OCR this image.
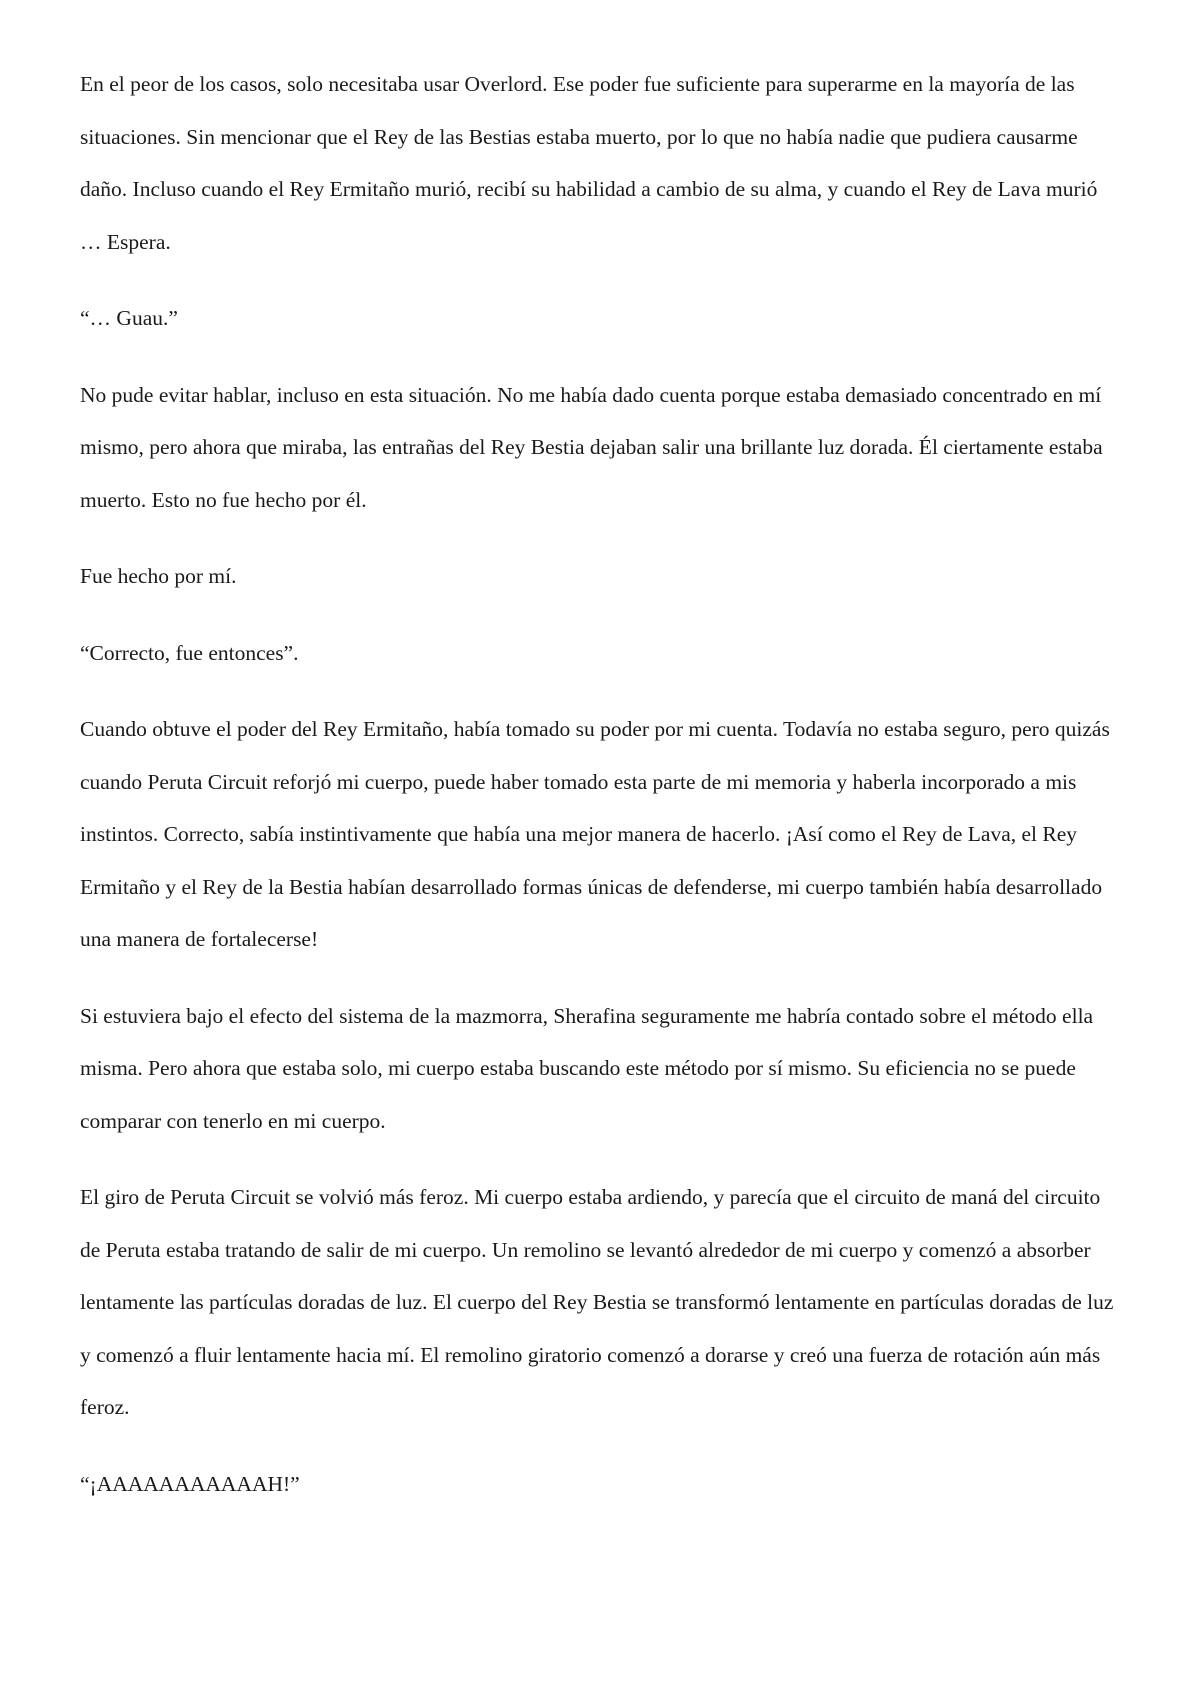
En el peor de los casos, solo necesitaba usar Overlord. Ese poder fue suficiente para superarme en la mayoría de las situaciones. Sin mencionar que el Rey de las Bestias estaba muerto, por lo que no había nadie que pudiera causarme daño. Incluso cuando el Rey Ermitaño murió, recibí su habilidad a cambio de su alma, y cuando el Rey de Lava murió … Espera.

“… Guau.”

No pude evitar hablar, incluso en esta situación. No me había dado cuenta porque estaba demasiado concentrado en mí mismo, pero ahora que miraba, las entrañas del Rey Bestia dejaban salir una brillante luz dorada. Él ciertamente estaba muerto. Esto no fue hecho por él.

Fue hecho por mí.

“Correcto, fue entonces”.

Cuando obtuve el poder del Rey Ermitaño, había tomado su poder por mi cuenta. Todavía no estaba seguro, pero quizás cuando Peruta Circuit reforjó mi cuerpo, puede haber tomado esta parte de mi memoria y haberla incorporado a mis instintos. Correcto, sabía instintivamente que había una mejor manera de hacerlo. ¡Así como el Rey de Lava, el Rey Ermitaño y el Rey de la Bestia habían desarrollado formas únicas de defenderse, mi cuerpo también había desarrollado una manera de fortalecerse!

Si estuviera bajo el efecto del sistema de la mazmorra, Sherafina seguramente me habría contado sobre el método ella misma. Pero ahora que estaba solo, mi cuerpo estaba buscando este método por sí mismo. Su eficiencia no se puede comparar con tenerlo en mi cuerpo.

El giro de Peruta Circuit se volvió más feroz. Mi cuerpo estaba ardiendo, y parecía que el circuito de maná del circuito de Peruta estaba tratando de salir de mi cuerpo. Un remolino se levantó alrededor de mi cuerpo y comenzó a absorber lentamente las partículas doradas de luz. El cuerpo del Rey Bestia se transformó lentamente en partículas doradas de luz y comenzó a fluir lentamente hacia mí. El remolino giratorio comenzó a dorarse y creó una fuerza de rotación aún más feroz.

“¡AAAAAAAAAAAH!”
